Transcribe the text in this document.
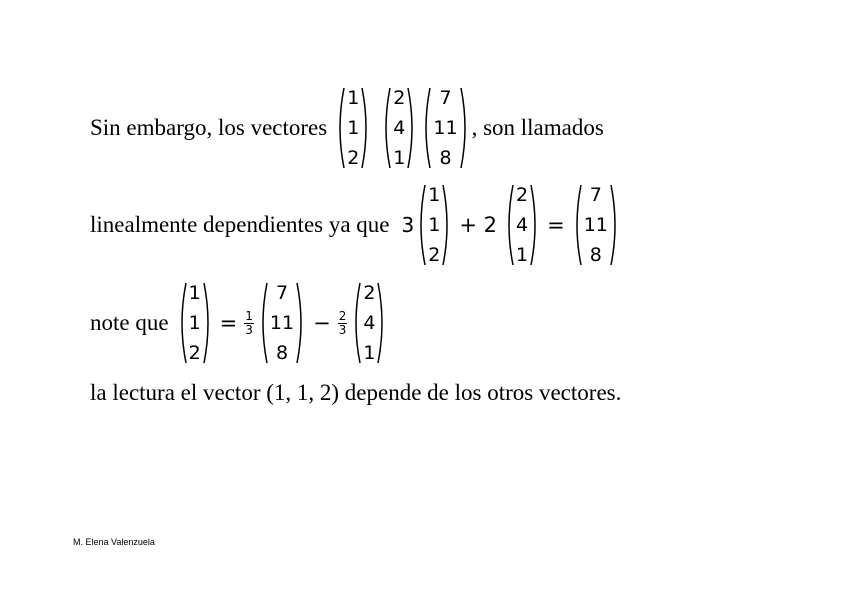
Sin embargo, los vectores
1
1
2
2
4
1
7
11
8
, son llamados
linealmente dependientes ya que 3
1
1
2
+ 2
2
4
1
=
7
11
8
note que
1
1
2
= $\frac{1}{3}$
7
11
8
− $\frac{2}{3}$
2
4
1
la lectura el vector (1, 1, 2) depende de los otros vectores.
M. Elena Valenzuela
